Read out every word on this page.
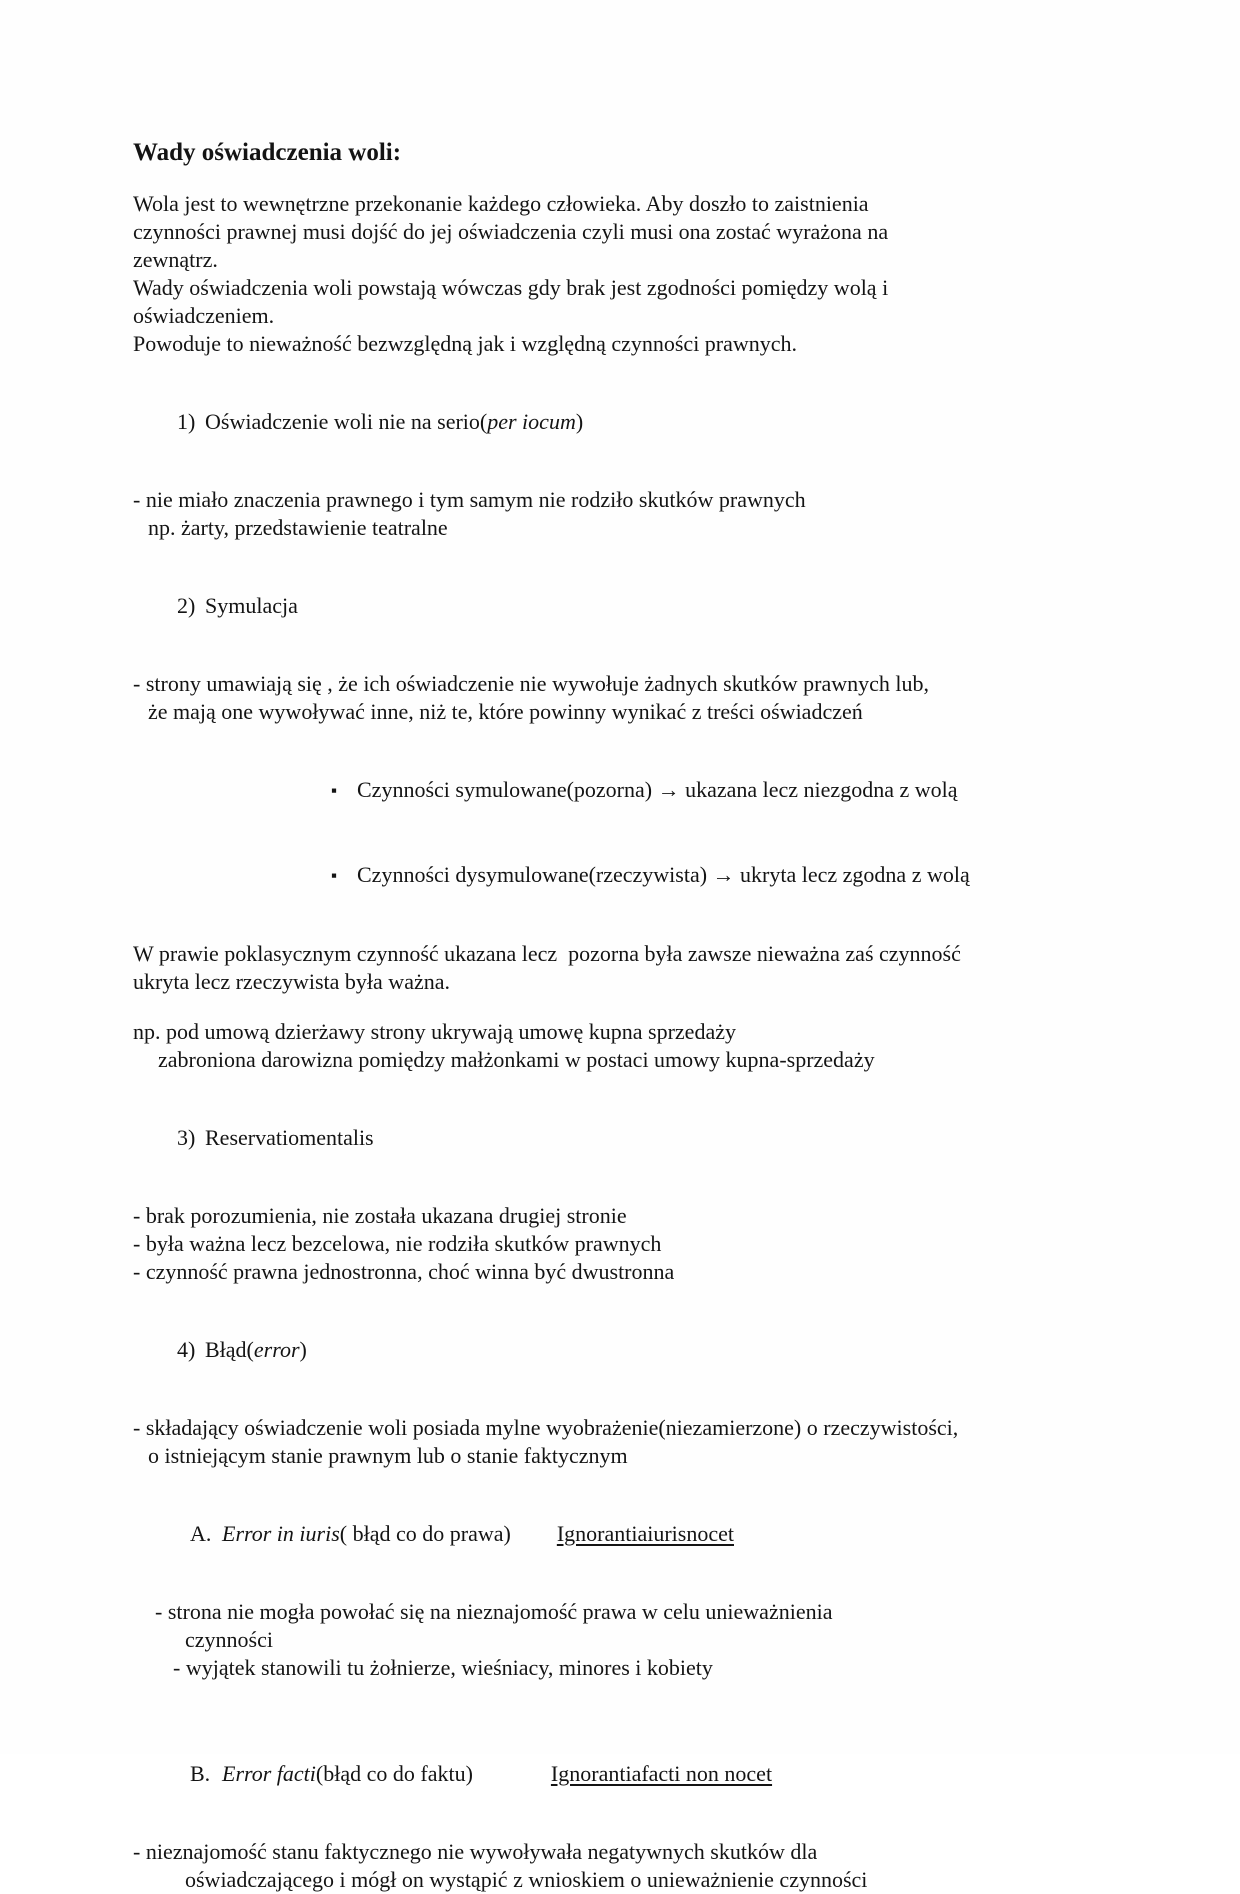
Wady oświadczenia woli:
Wola jest to wewnętrzne przekonanie każdego człowieka. Aby doszło to zaistnienia
czynności prawnej musi dojść do jej oświadczenia czyli musi ona zostać wyrażona na
zewnątrz.
Wady oświadczenia woli powstają wówczas gdy brak jest zgodności pomiędzy wolą i
oświadczeniem.
Powoduje to nieważność bezwzględną jak i względną czynności prawnych.

1) Oświadczenie woli nie na serio(per iocum)

- nie miało znaczenia prawnego i tym samym nie rodziło skutków prawnych
np. żarty, przedstawienie teatralne

2) Symulacja

- strony umawiają się , że ich oświadczenie nie wywołuje żadnych skutków prawnych lub,
że mają one wywoływać inne, niż te, które powinny wynikać z treści oświadczeń

▪ Czynności symulowane(pozorna) → ukazana lecz niezgodna z wolą

▪ Czynności dysymulowane(rzeczywista) → ukryta lecz zgodna z wolą

W prawie poklasycznym czynność ukazana lecz  pozorna była zawsze nieważna zaś czynność
ukryta lecz rzeczywista była ważna.
np. pod umową dzierżawy strony ukrywają umowę kupna sprzedaży
zabroniona darowizna pomiędzy małżonkami w postaci umowy kupna-sprzedaży

3) Reservatiomentalis

- brak porozumienia, nie została ukazana drugiej stronie
- była ważna lecz bezcelowa, nie rodziła skutków prawnych
- czynność prawna jednostronna, choć winna być dwustronna

4) Błąd(error)

- składający oświadczenie woli posiada mylne wyobrażenie(niezamierzone) o rzeczywistości,
o istniejącym stanie prawnym lub o stanie faktycznym

A. Error in iuris( błąd co do prawa) Ignorantiaiurisnocet

- strona nie mogła powołać się na nieznajomość prawa w celu unieważnienia
czynności
- wyjątek stanowili tu żołnierze, wieśniacy, minores i kobiety

B. Error facti(błąd co do faktu)	Ignorantiafacti non nocet

- nieznajomość stanu faktycznego nie wywoływała negatywnych skutków dla
oświadczającego i mógł on wystąpić z wnioskiem o unieważnienie czynności
